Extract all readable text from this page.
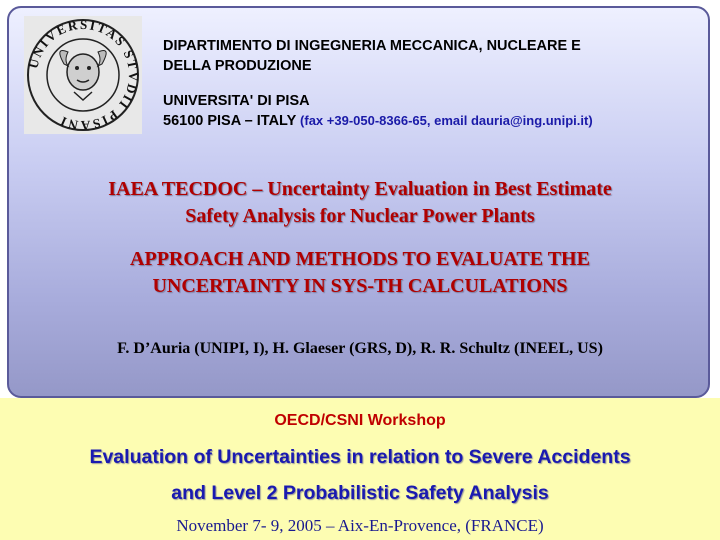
UNIVERSITAS STVDII PISANI
DIPARTIMENTO DI INGEGNERIA MECCANICA, NUCLEARE E
DELLA PRODUZIONE
UNIVERSITA' DI PISA
56100 PISA – ITALY (fax +39-050-8366-65, email dauria@ing.unipi.it)
IAEA TECDOC – Uncertainty Evaluation in Best Estimate
Safety Analysis for Nuclear Power Plants
APPROACH AND METHODS TO EVALUATE THE
UNCERTAINTY IN SYS-TH CALCULATIONS
F. D’Auria (UNIPI, I), H. Glaeser (GRS, D), R. R. Schultz (INEEL, US)
OECD/CSNI Workshop
Evaluation of Uncertainties in relation to Severe Accidents
and Level 2 Probabilistic Safety Analysis
November 7- 9, 2005 – Aix-En-Provence, (FRANCE)
